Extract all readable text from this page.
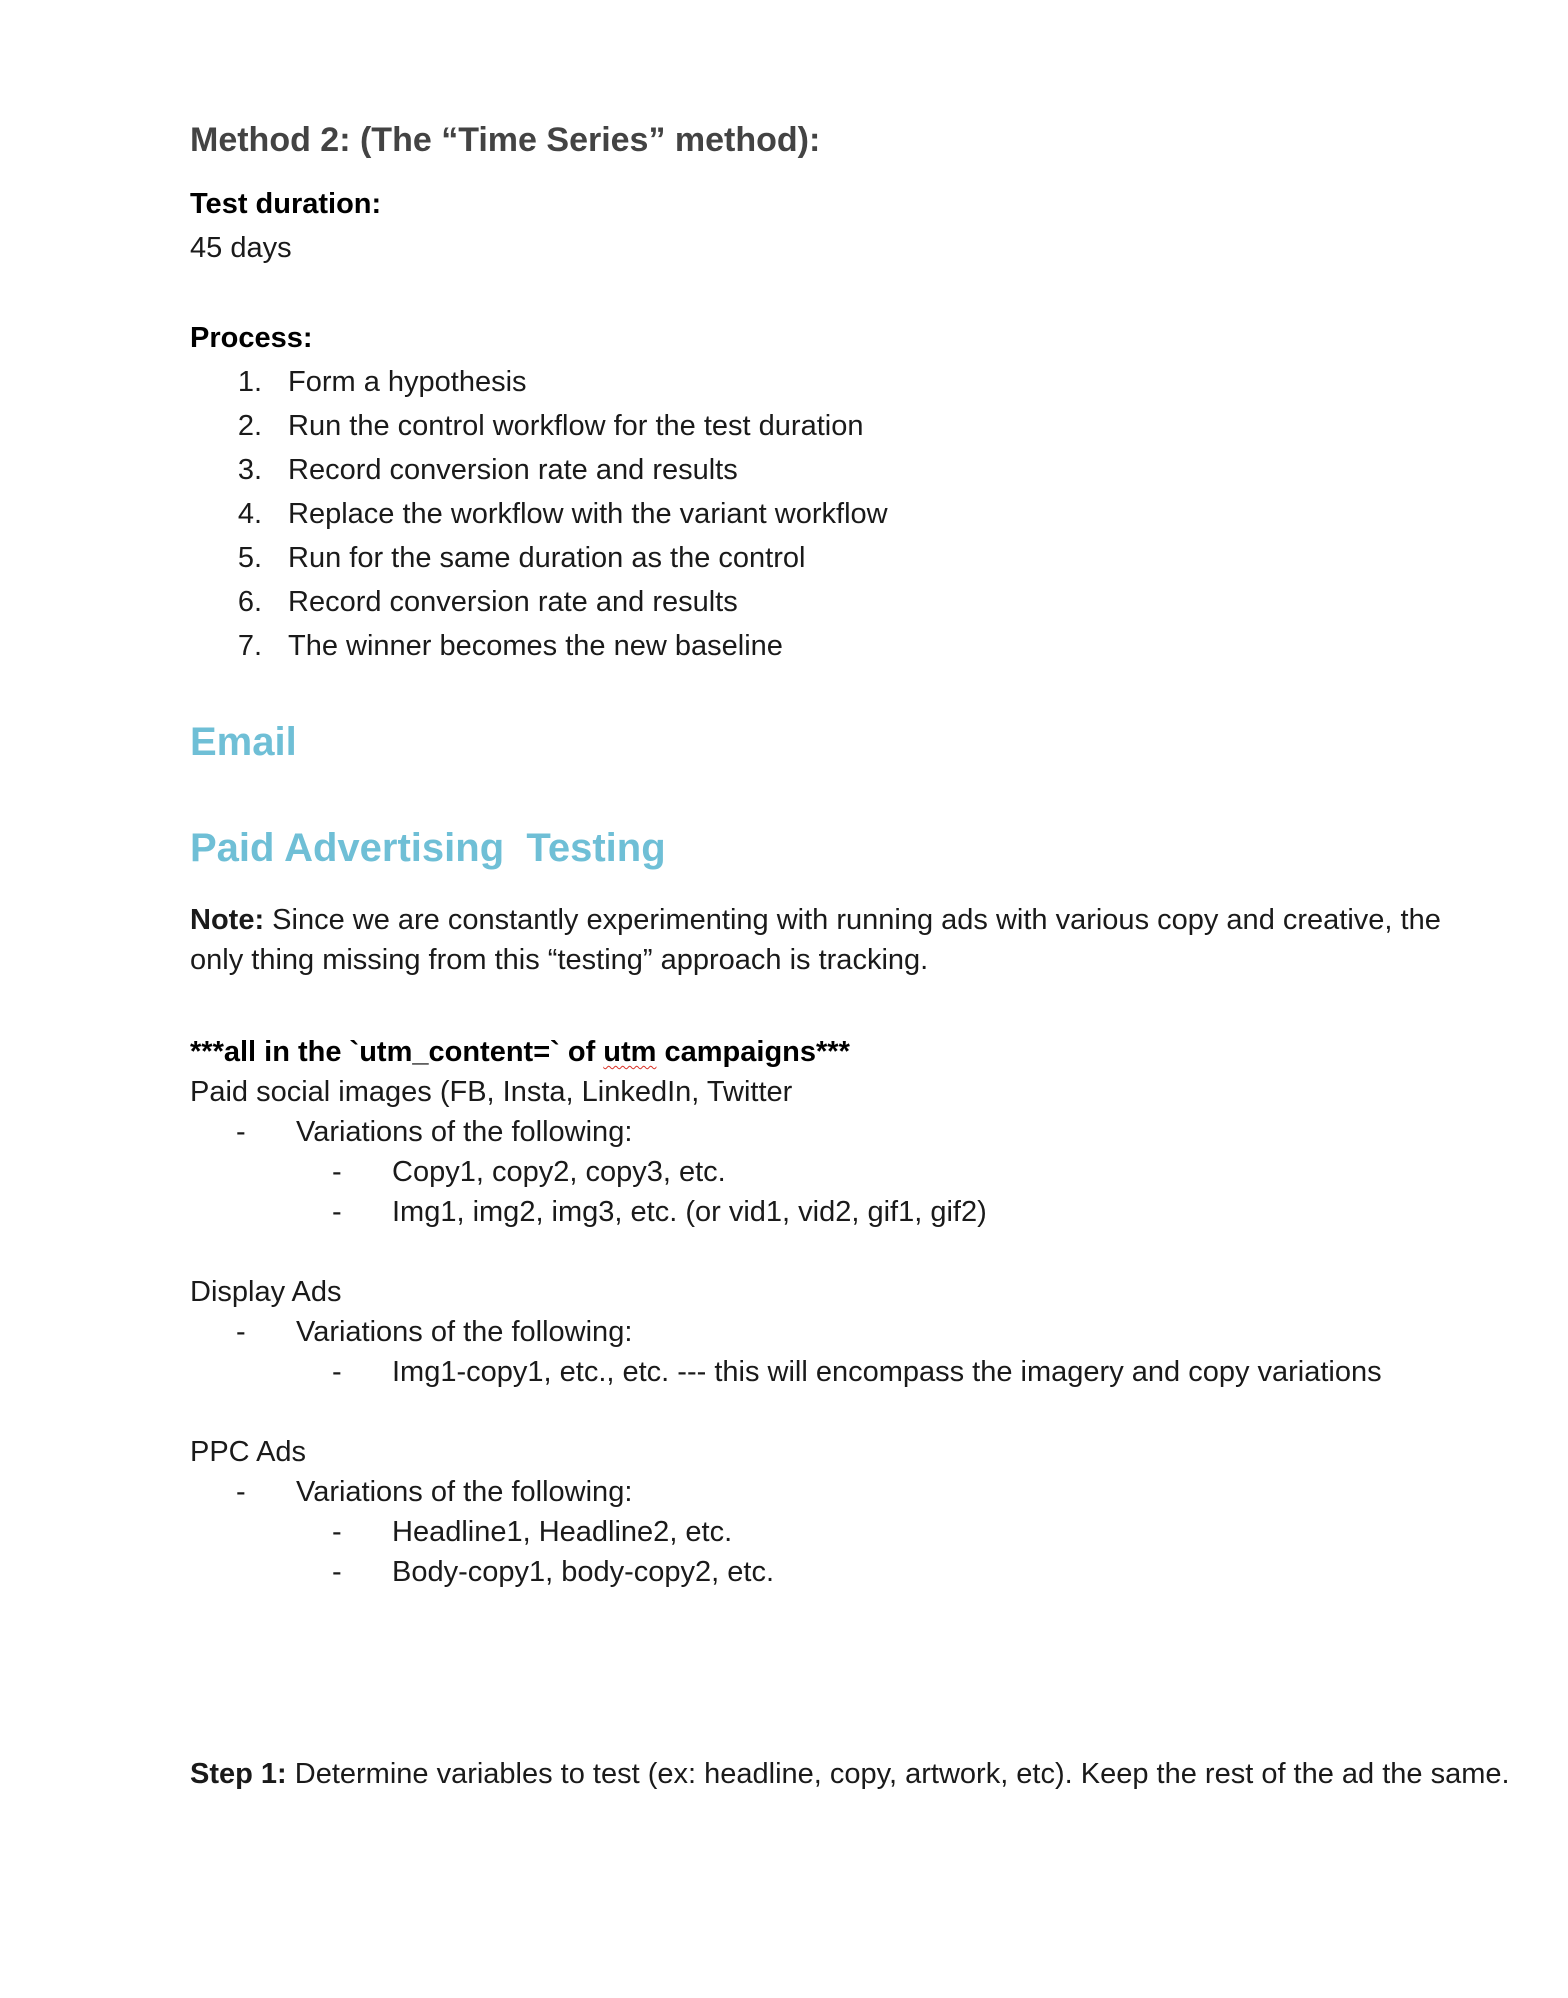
Method 2: (The “Time Series” method):
Test duration:
45 days
Process:
1. Form a hypothesis
2. Run the control workflow for the test duration
3. Record conversion rate and results
4. Replace the workflow with the variant workflow
5. Run for the same duration as the control
6. Record conversion rate and results
7. The winner becomes the new baseline
Email
Paid Advertising  Testing
Note: Since we are constantly experimenting with running ads with various copy and creative, the only thing missing from this “testing” approach is tracking.
***all in the `utm_content=` of utm campaigns***
Paid social images (FB, Insta, LinkedIn, Twitter
- Variations of the following:
- Copy1, copy2, copy3, etc.
- Img1, img2, img3, etc. (or vid1, vid2, gif1, gif2)
Display Ads
- Variations of the following:
- Img1-copy1, etc., etc. --- this will encompass the imagery and copy variations
PPC Ads
- Variations of the following:
- Headline1, Headline2, etc.
- Body-copy1, body-copy2, etc.
Step 1: Determine variables to test (ex: headline, copy, artwork, etc). Keep the rest of the ad the same.
